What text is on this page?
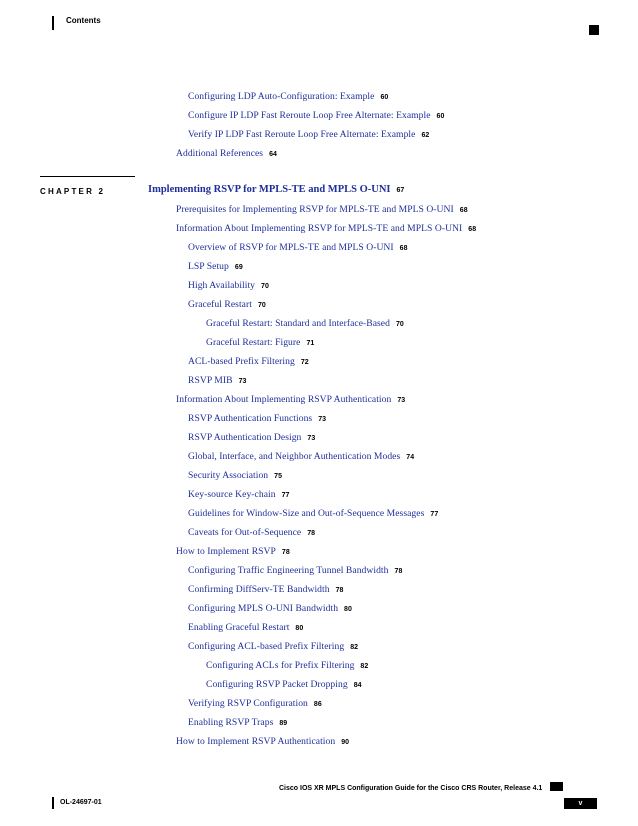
Contents
Configuring LDP Auto-Configuration: Example 60
Configure IP LDP Fast Reroute Loop Free Alternate: Example 60
Verify IP LDP Fast Reroute Loop Free Alternate: Example 62
Additional References 64
CHAPTER 2	Implementing RSVP for MPLS-TE and MPLS O-UNI 67
Prerequisites for Implementing RSVP for MPLS-TE and MPLS O-UNI 68
Information About Implementing RSVP for MPLS-TE and MPLS O-UNI 68
Overview of RSVP for MPLS-TE and MPLS O-UNI 68
LSP Setup 69
High Availability 70
Graceful Restart 70
Graceful Restart: Standard and Interface-Based 70
Graceful Restart: Figure 71
ACL-based Prefix Filtering 72
RSVP MIB 73
Information About Implementing RSVP Authentication 73
RSVP Authentication Functions 73
RSVP Authentication Design 73
Global, Interface, and Neighbor Authentication Modes 74
Security Association 75
Key-source Key-chain 77
Guidelines for Window-Size and Out-of-Sequence Messages 77
Caveats for Out-of-Sequence 78
How to Implement RSVP 78
Configuring Traffic Engineering Tunnel Bandwidth 78
Confirming DiffServ-TE Bandwidth 78
Configuring MPLS O-UNI Bandwidth 80
Enabling Graceful Restart 80
Configuring ACL-based Prefix Filtering 82
Configuring ACLs for Prefix Filtering 82
Configuring RSVP Packet Dropping 84
Verifying RSVP Configuration 86
Enabling RSVP Traps 89
How to Implement RSVP Authentication 90
Cisco IOS XR MPLS Configuration Guide for the Cisco CRS Router, Release 4.1
OL-24697-01	v
